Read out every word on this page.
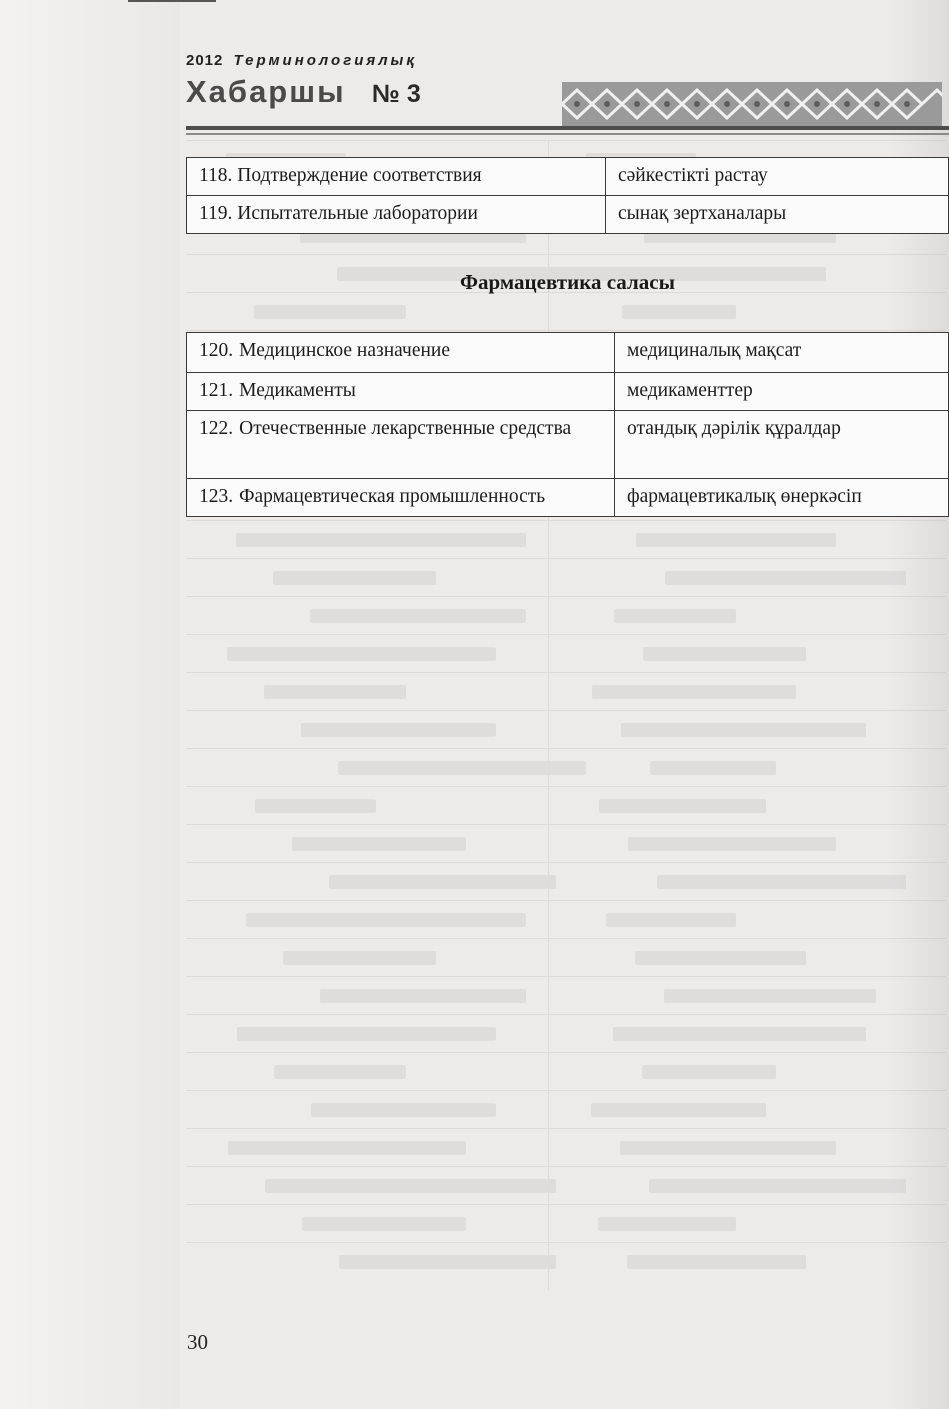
2012 Терминологиялық
Хабаршы № 3
118. Подтверждение соответствия	сәйкестікті растау
119. Испытательные лаборатории	сынақ зертханалары
Фармацевтика саласы
120. Медицинское назначение	медициналық мақсат

121. Медикаменты	медикаменттер

122. Отечественные лекарственные средства	отандық дәрілік құралдар

123. Фармацевтическая промышленность	фармацевтикалық өнеркәсіп
30
